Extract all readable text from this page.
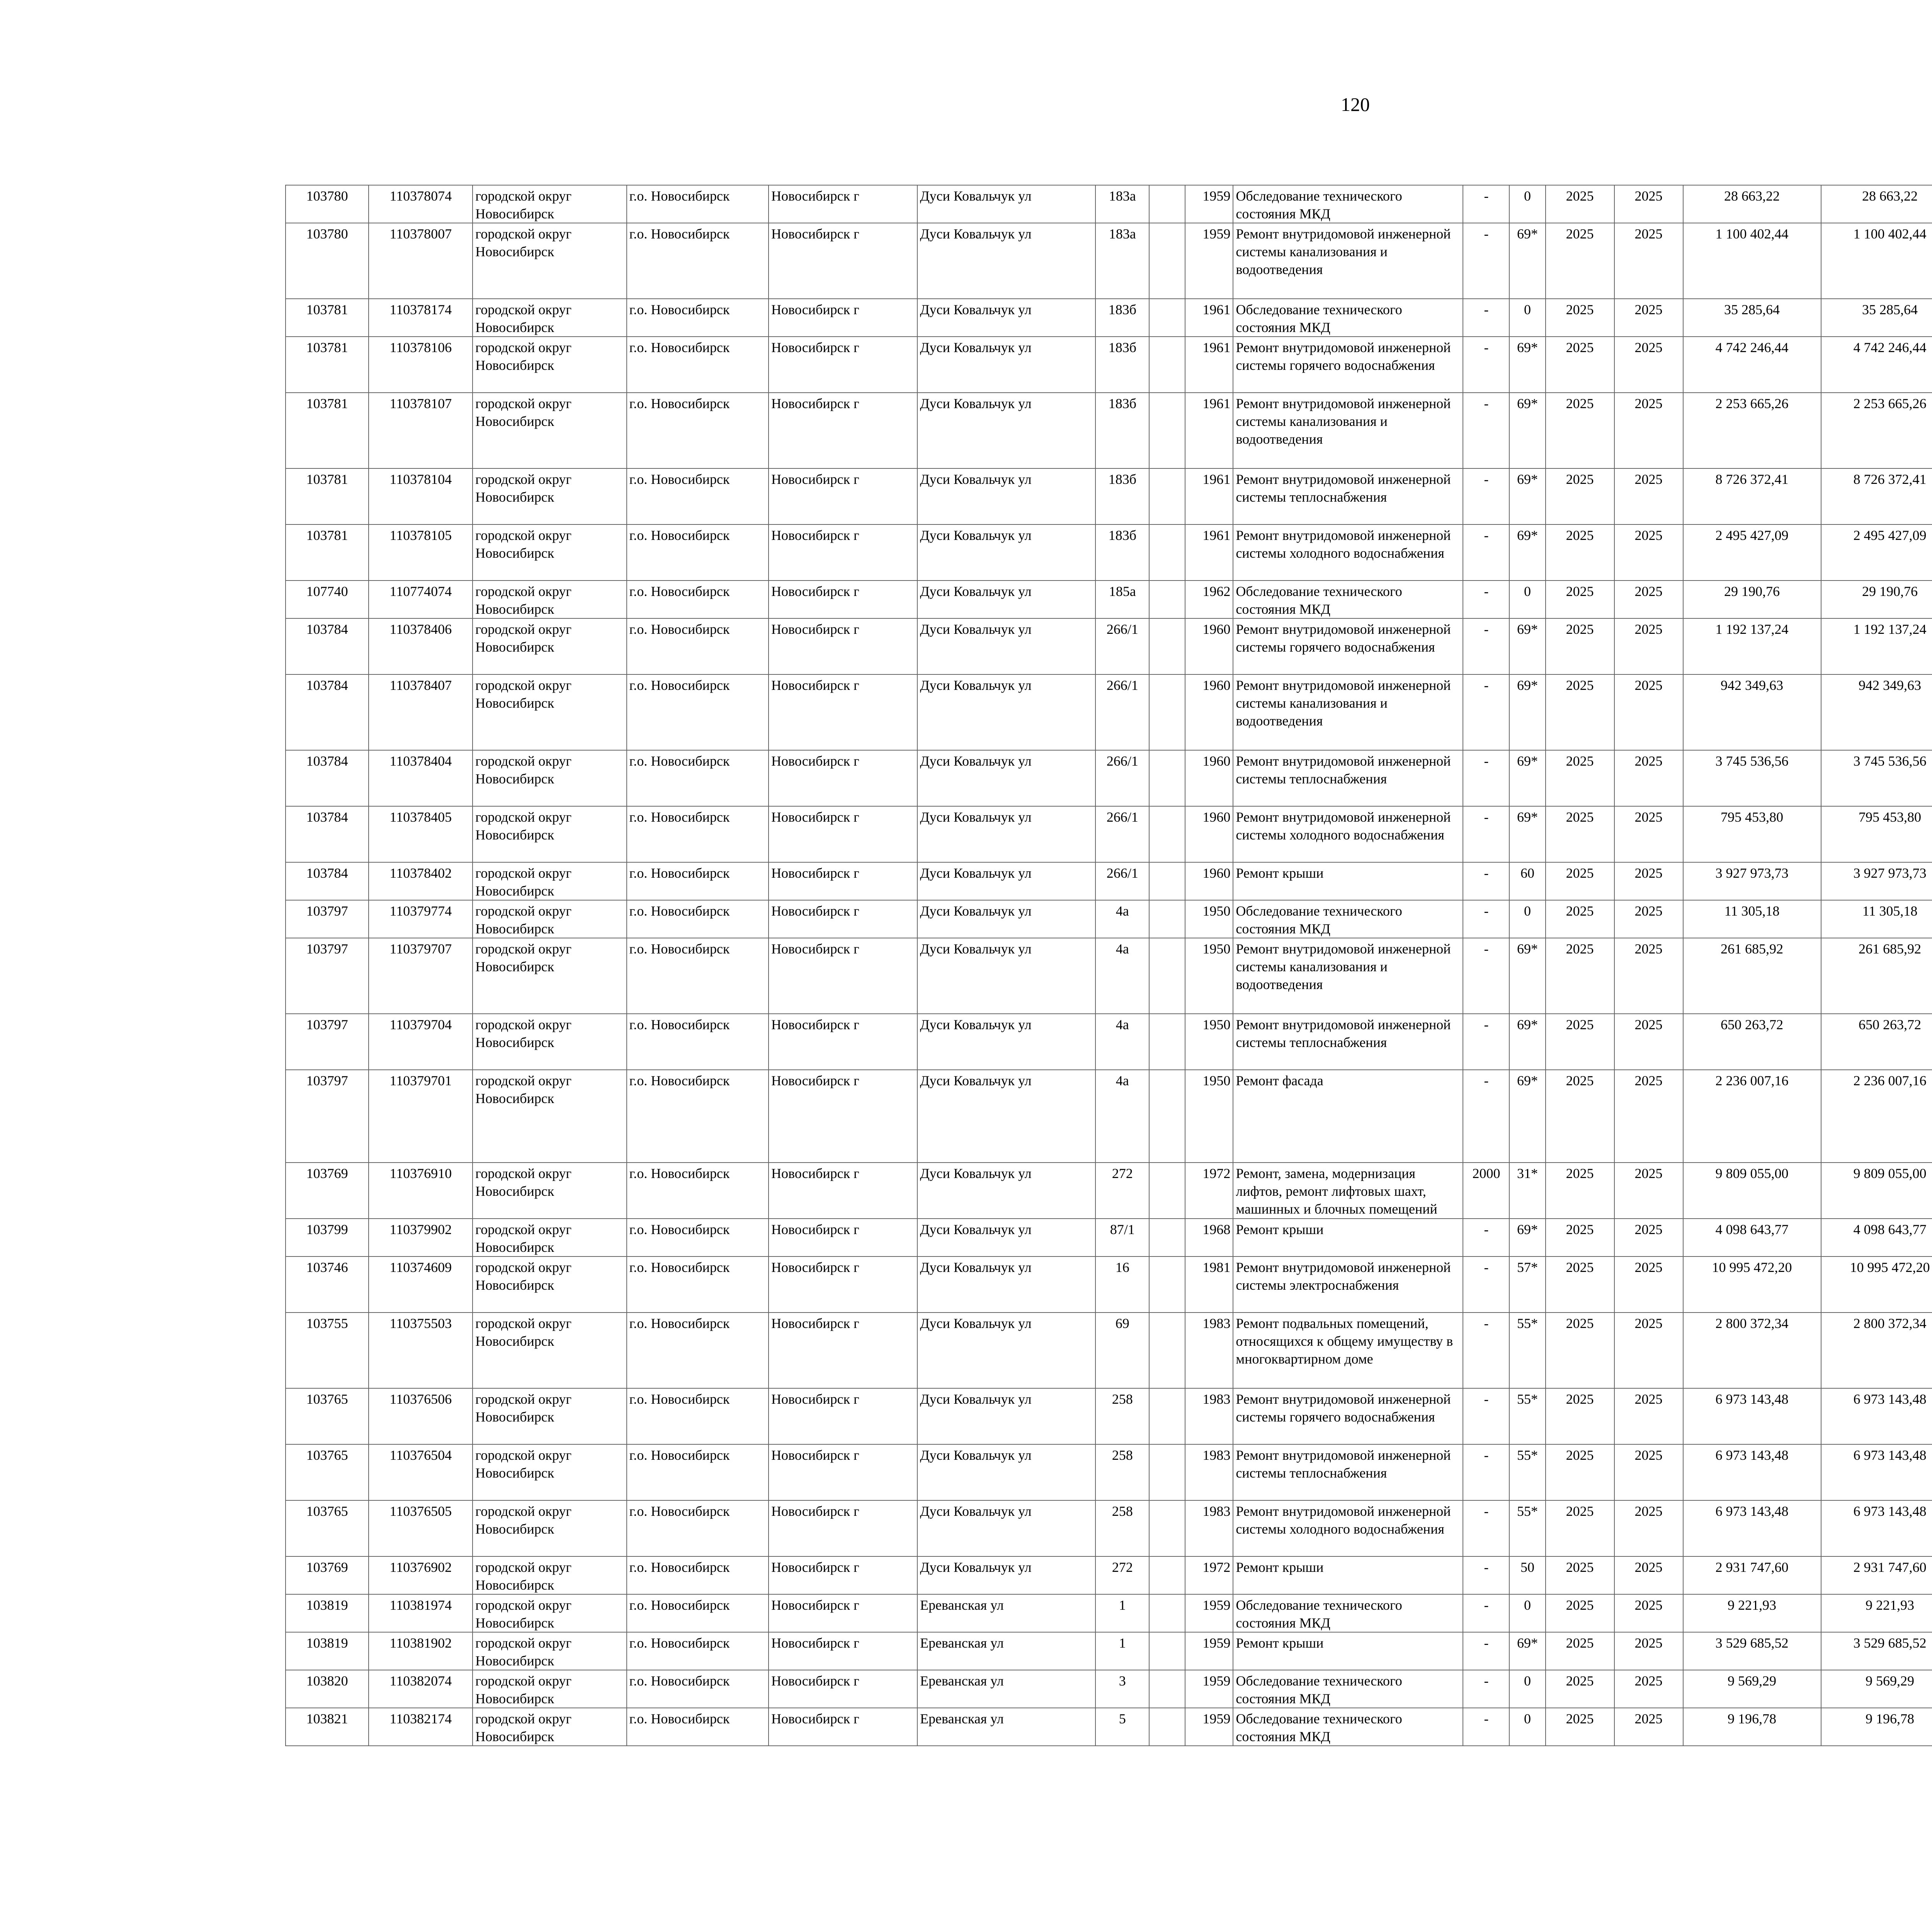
120
103780	110378074	городской округ Новосибирск	г.о. Новосибирск	Новосибирск г	Дуси Ковальчук ул	183а		1959	Обследование технического состояния МКД	-	0	2025	2025	28 663,22	28 663,22						
103780	110378007	городской округ Новосибирск	г.о. Новосибирск	Новосибирск г	Дуси Ковальчук ул	183а		1959	Ремонт внутридомовой инженерной системы канализования и водоотведения	-	69*	2025	2025	1 100 402,44	1 100 402,44						
103781	110378174	городской округ Новосибирск	г.о. Новосибирск	Новосибирск г	Дуси Ковальчук ул	183б		1961	Обследование технического состояния МКД	-	0	2025	2025	35 285,64	35 285,64						
103781	110378106	городской округ Новосибирск	г.о. Новосибирск	Новосибирск г	Дуси Ковальчук ул	183б		1961	Ремонт внутридомовой инженерной системы горячего водоснабжения	-	69*	2025	2025	4 742 246,44	4 742 246,44						
103781	110378107	городской округ Новосибирск	г.о. Новосибирск	Новосибирск г	Дуси Ковальчук ул	183б		1961	Ремонт внутридомовой инженерной системы канализования и водоотведения	-	69*	2025	2025	2 253 665,26	2 253 665,26						
103781	110378104	городской округ Новосибирск	г.о. Новосибирск	Новосибирск г	Дуси Ковальчук ул	183б		1961	Ремонт внутридомовой инженерной системы теплоснабжения	-	69*	2025	2025	8 726 372,41	8 726 372,41						
103781	110378105	городской округ Новосибирск	г.о. Новосибирск	Новосибирск г	Дуси Ковальчук ул	183б		1961	Ремонт внутридомовой инженерной системы холодного водоснабжения	-	69*	2025	2025	2 495 427,09	2 495 427,09						
107740	110774074	городской округ Новосибирск	г.о. Новосибирск	Новосибирск г	Дуси Ковальчук ул	185а		1962	Обследование технического состояния МКД	-	0	2025	2025	29 190,76	29 190,76						
103784	110378406	городской округ Новосибирск	г.о. Новосибирск	Новосибирск г	Дуси Ковальчук ул	266/1		1960	Ремонт внутридомовой инженерной системы горячего водоснабжения	-	69*	2025	2025	1 192 137,24	1 192 137,24						
103784	110378407	городской округ Новосибирск	г.о. Новосибирск	Новосибирск г	Дуси Ковальчук ул	266/1		1960	Ремонт внутридомовой инженерной системы канализования и водоотведения	-	69*	2025	2025	942 349,63	942 349,63						
103784	110378404	городской округ Новосибирск	г.о. Новосибирск	Новосибирск г	Дуси Ковальчук ул	266/1		1960	Ремонт внутридомовой инженерной системы теплоснабжения	-	69*	2025	2025	3 745 536,56	3 745 536,56						
103784	110378405	городской округ Новосибирск	г.о. Новосибирск	Новосибирск г	Дуси Ковальчук ул	266/1		1960	Ремонт внутридомовой инженерной системы холодного водоснабжения	-	69*	2025	2025	795 453,80	795 453,80						
103784	110378402	городской округ Новосибирск	г.о. Новосибирск	Новосибирск г	Дуси Ковальчук ул	266/1		1960	Ремонт крыши	-	60	2025	2025	3 927 973,73	3 927 973,73						
103797	110379774	городской округ Новосибирск	г.о. Новосибирск	Новосибирск г	Дуси Ковальчук ул	4а		1950	Обследование технического состояния МКД	-	0	2025	2025	11 305,18	11 305,18						
103797	110379707	городской округ Новосибирск	г.о. Новосибирск	Новосибирск г	Дуси Ковальчук ул	4а		1950	Ремонт внутридомовой инженерной системы канализования и водоотведения	-	69*	2025	2025	261 685,92	261 685,92						
103797	110379704	городской округ Новосибирск	г.о. Новосибирск	Новосибирск г	Дуси Ковальчук ул	4а		1950	Ремонт внутридомовой инженерной системы теплоснабжения	-	69*	2025	2025	650 263,72	650 263,72						
103797	110379701	городской округ Новосибирск	г.о. Новосибирск	Новосибирск г	Дуси Ковальчук ул	4а		1950	Ремонт фасада	-	69*	2025	2025	2 236 007,16	2 236 007,16						
103769	110376910	городской округ Новосибирск	г.о. Новосибирск	Новосибирск г	Дуси Ковальчук ул	272		1972	Ремонт, замена, модернизация лифтов, ремонт лифтовых шахт, машинных и блочных помещений	2000	31*	2025	2025	9 809 055,00	9 809 055,00						
103799	110379902	городской округ Новосибирск	г.о. Новосибирск	Новосибирск г	Дуси Ковальчук ул	87/1		1968	Ремонт крыши	-	69*	2025	2025	4 098 643,77	4 098 643,77						
103746	110374609	городской округ Новосибирск	г.о. Новосибирск	Новосибирск г	Дуси Ковальчук ул	16		1981	Ремонт внутридомовой инженерной системы электроснабжения	-	57*	2025	2025	10 995 472,20	10 995 472,20						
103755	110375503	городской округ Новосибирск	г.о. Новосибирск	Новосибирск г	Дуси Ковальчук ул	69		1983	Ремонт подвальных помещений, относящихся к общему имуществу в многоквартирном доме	-	55*	2025	2025	2 800 372,34	2 800 372,34						
103765	110376506	городской округ Новосибирск	г.о. Новосибирск	Новосибирск г	Дуси Ковальчук ул	258		1983	Ремонт внутридомовой инженерной системы горячего водоснабжения	-	55*	2025	2025	6 973 143,48	6 973 143,48						
103765	110376504	городской округ Новосибирск	г.о. Новосибирск	Новосибирск г	Дуси Ковальчук ул	258		1983	Ремонт внутридомовой инженерной системы теплоснабжения	-	55*	2025	2025	6 973 143,48	6 973 143,48						
103765	110376505	городской округ Новосибирск	г.о. Новосибирск	Новосибирск г	Дуси Ковальчук ул	258		1983	Ремонт внутридомовой инженерной системы холодного водоснабжения	-	55*	2025	2025	6 973 143,48	6 973 143,48						
103769	110376902	городской округ Новосибирск	г.о. Новосибирск	Новосибирск г	Дуси Ковальчук ул	272		1972	Ремонт крыши	-	50	2025	2025	2 931 747,60	2 931 747,60						
103819	110381974	городской округ Новосибирск	г.о. Новосибирск	Новосибирск г	Ереванская ул	1		1959	Обследование технического состояния МКД	-	0	2025	2025	9 221,93	9 221,93						
103819	110381902	городской округ Новосибирск	г.о. Новосибирск	Новосибирск г	Ереванская ул	1		1959	Ремонт крыши	-	69*	2025	2025	3 529 685,52	3 529 685,52						
103820	110382074	городской округ Новосибирск	г.о. Новосибирск	Новосибирск г	Ереванская ул	3		1959	Обследование технического состояния МКД	-	0	2025	2025	9 569,29	9 569,29						
103821	110382174	городской округ Новосибирск	г.о. Новосибирск	Новосибирск г	Ереванская ул	5		1959	Обследование технического состояния МКД	-	0	2025	2025	9 196,78	9 196,78						
